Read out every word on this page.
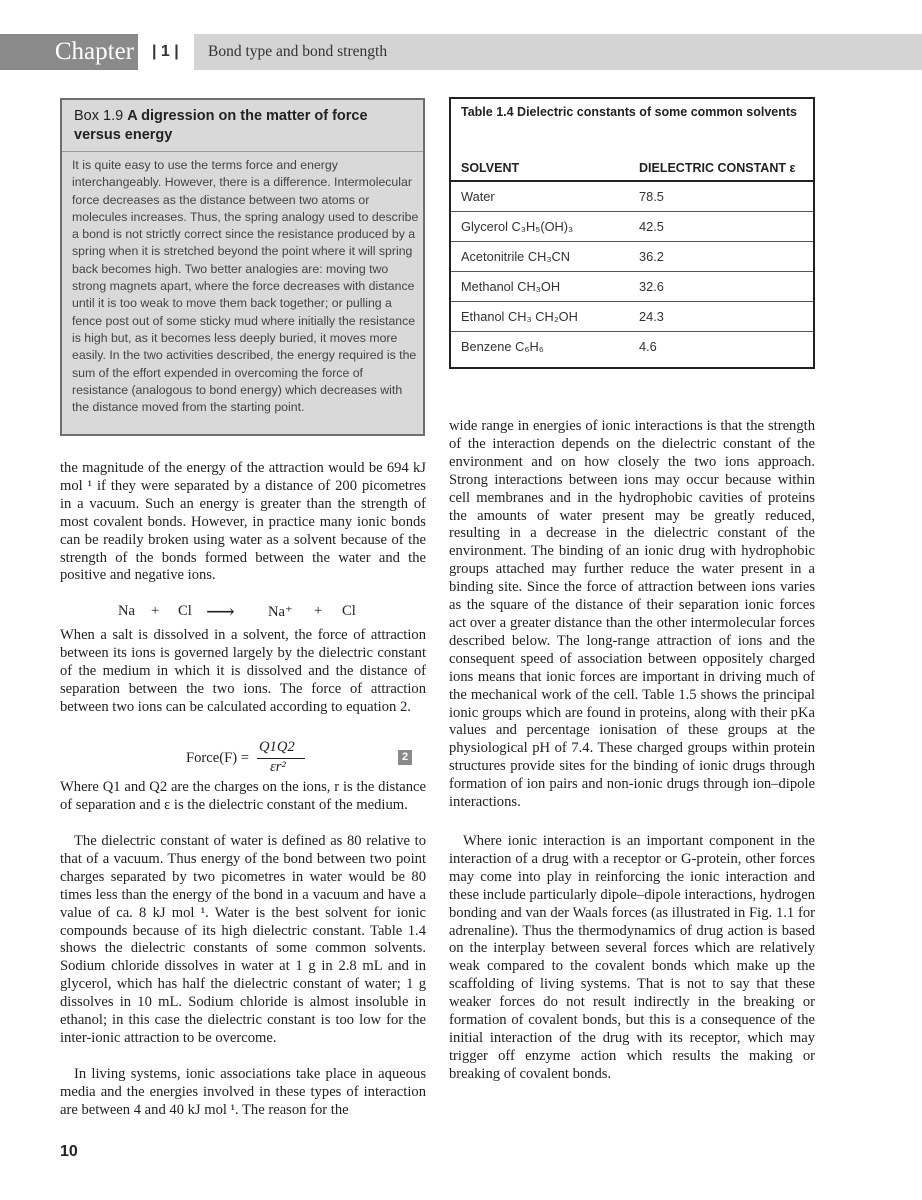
Chapter | 1 | Bond type and bond strength
Box 1.9 A digression on the matter of force versus energy
It is quite easy to use the terms force and energy interchangeably. However, there is a difference. Intermolecular force decreases as the distance between two atoms or molecules increases. Thus, the spring analogy used to describe a bond is not strictly correct since the resistance produced by a spring when it is stretched beyond the point where it will spring back becomes high. Two better analogies are: moving two strong magnets apart, where the force decreases with distance until it is too weak to move them back together; or pulling a fence post out of some sticky mud where initially the resistance is high but, as it becomes less deeply buried, it moves more easily. In the two activities described, the energy required is the sum of the effort expended in overcoming the force of resistance (analogous to bond energy) which decreases with the distance moved from the starting point.
Table 1.4 Dielectric constants of some common solvents
SOLVENT	DIELECTRIC CONSTANT ε
Water	78.5
Glycerol C₃H₅(OH)₃	42.5
Acetonitrile CH₃CN	36.2
Methanol CH₃OH	32.6
Ethanol CH₃ CH₂OH	24.3
Benzene C₆H₆	4.6

the magnitude of the energy of the attraction would be 694 kJ mol ¹ if they were separated by a distance of 200 picometres in a vacuum. Such an energy is greater than the strength of most covalent bonds. However, in practice many ionic bonds can be readily broken using water as a solvent because of the strength of the bonds formed between the water and the positive and negative ions.

Na + Cl ⟶ Na⁺ + Cl

When a salt is dissolved in a solvent, the force of attraction between its ions is governed largely by the dielectric constant of the medium in which it is dissolved and the distance of separation between the two ions. The force of attraction between two ions can be calculated according to equation 2.

Force(F) =
Q1Q2
εr²
2

Where Q1 and Q2 are the charges on the ions, r is the distance of separation and ε is the dielectric constant of the medium.

The dielectric constant of water is defined as 80 relative to that of a vacuum. Thus energy of the bond between two point charges separated by two picometres in water would be 80 times less than the energy of the bond in a vacuum and have a value of ca. 8 kJ mol ¹. Water is the best solvent for ionic compounds because of its high dielectric constant. Table 1.4 shows the dielectric constants of some common solvents. Sodium chloride dissolves in water at 1 g in 2.8 mL and in glycerol, which has half the dielectric constant of water; 1 g dissolves in 10 mL. Sodium chloride is almost insoluble in ethanol; in this case the dielectric constant is too low for the inter-ionic attraction to be overcome.

In living systems, ionic associations take place in aqueous media and the energies involved in these types of interaction are between 4 and 40 kJ mol ¹. The reason for the

wide range in energies of ionic interactions is that the strength of the interaction depends on the dielectric constant of the environment and on how closely the two ions approach. Strong interactions between ions may occur because within cell membranes and in the hydrophobic cavities of proteins the amounts of water present may be greatly reduced, resulting in a decrease in the dielectric constant of the environment. The binding of an ionic drug with hydrophobic groups attached may further reduce the water present in a binding site. Since the force of attraction between ions varies as the square of the distance of their separation ionic forces act over a greater distance than the other intermolecular forces described below. The long-range attraction of ions and the consequent speed of association between oppositely charged ions means that ionic forces are important in driving much of the mechanical work of the cell. Table 1.5 shows the principal ionic groups which are found in proteins, along with their pKa values and percentage ionisation of these groups at the physiological pH of 7.4. These charged groups within protein structures provide sites for the binding of ionic drugs through formation of ion pairs and non-ionic drugs through ion–dipole interactions.

Where ionic interaction is an important component in the interaction of a drug with a receptor or G-protein, other forces may come into play in reinforcing the ionic interaction and these include particularly dipole–dipole interactions, hydrogen bonding and van der Waals forces (as illustrated in Fig. 1.1 for adrenaline). Thus the thermodynamics of drug action is based on the interplay between several forces which are relatively weak compared to the covalent bonds which make up the scaffolding of living systems. That is not to say that these weaker forces do not result indirectly in the breaking or formation of covalent bonds, but this is a consequence of the initial interaction of the drug with its receptor, which may trigger off enzyme action which results the making or breaking of covalent bonds.

10
